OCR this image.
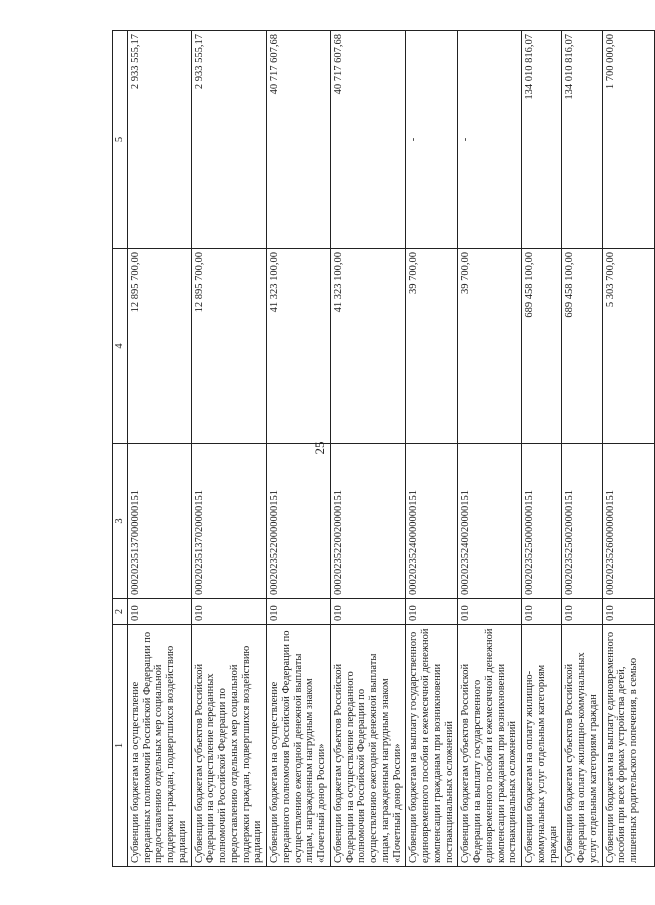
25
1	2	3	4	5
Субвенции бюджетам на осуществление переданных полномочий Российской Федерации по предоставлению отдельных мер социальной поддержки граждан, подвергшихся воздействию радиации	010	00020235137000000151	12 895 700,00	2 933 555,17
Субвенции бюджетам субъектов Российской Федерации на осуществление переданных полномочий Российской Федерации по предоставлению отдельных мер социальной поддержки граждан, подвергшихся воздействию радиации	010	00020235137020000151	12 895 700,00	2 933 555,17
Субвенции бюджетам на осуществление переданного полномочия Российской Федерации по осуществлению ежегодной денежной выплаты лицам, награжденным нагрудным знаком «Почетный донор России»	010	00020235220000000151	41 323 100,00	40 717 607,68
Субвенции бюджетам субъектов Российской Федерации на осуществление переданного полномочия Российской Федерации по осуществлению ежегодной денежной выплаты лицам, награжденным нагрудным знаком «Почетный донор России»	010	00020235220020000151	41 323 100,00	40 717 607,68
Субвенции бюджетам на выплату государственного единовременного пособия и ежемесячной денежной компенсации гражданам при возникновении поствакцинальных осложнений	010	00020235240000000151	39 700,00	-
Субвенции бюджетам субъектов Российской Федерации на выплату государственного единовременного пособия и ежемесячной денежной компенсации гражданам при возникновении поствакцинальных осложнений	010	00020235240020000151	39 700,00	-
Субвенции бюджетам на оплату жилищно-коммунальных услуг отдельным категориям граждан	010	00020235250000000151	689 458 100,00	134 010 816,07
Субвенции бюджетам субъектов Российской Федерации на оплату жилищно-коммунальных услуг отдельным категориям граждан	010	00020235250020000151	689 458 100,00	134 010 816,07
Субвенции бюджетам на выплату единовременного пособия при всех формах устройства детей, лишенных родительского попечения, в семью	010	00020235260000000151	5 303 700,00	1 700 000,00
